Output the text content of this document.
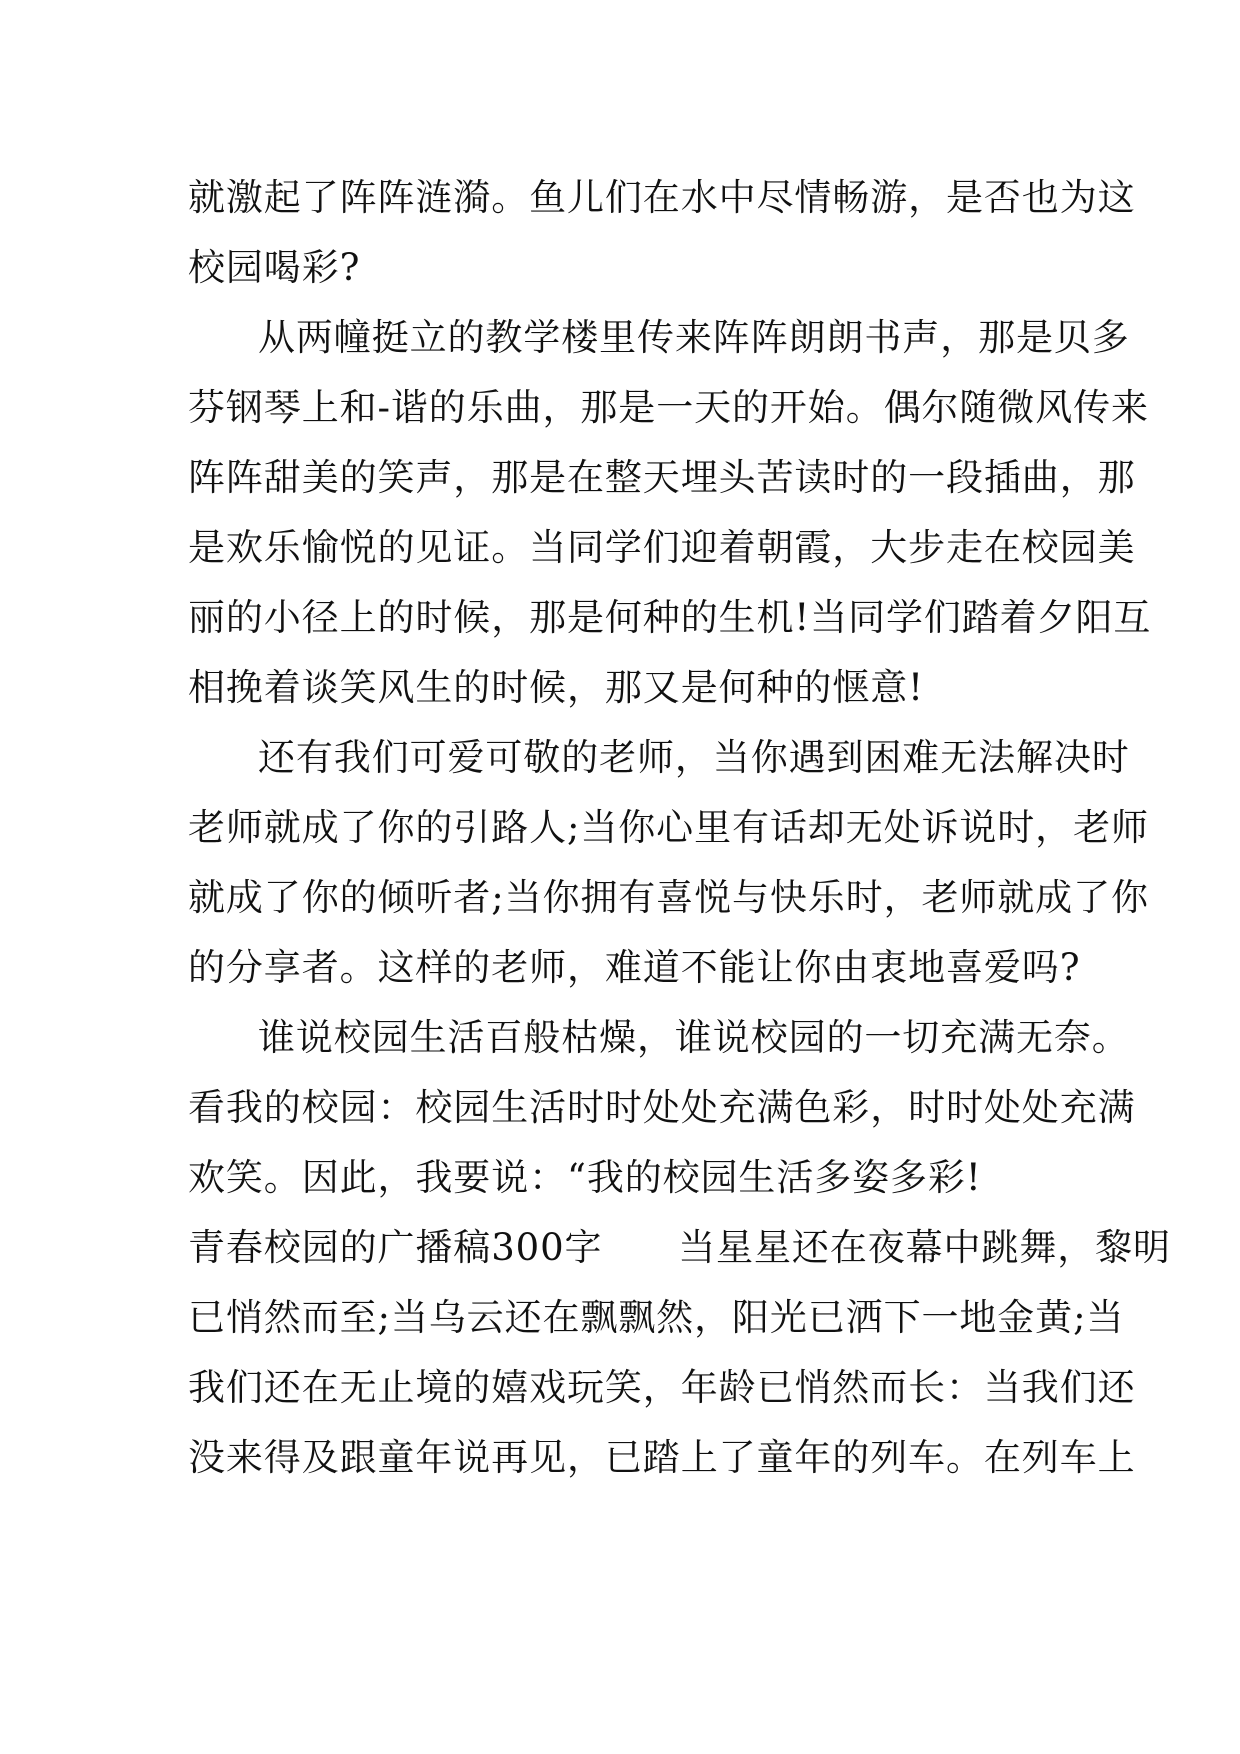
就激起了阵阵涟漪。鱼儿们在水中尽情畅游，是否也为这
校园喝彩?
从两幢挺立的教学楼里传来阵阵朗朗书声，那是贝多
芬钢琴上和-谐的乐曲，那是一天的开始。偶尔随微风传来
阵阵甜美的笑声，那是在整天埋头苦读时的一段插曲，那
是欢乐愉悦的见证。当同学们迎着朝霞，大步走在校园美
丽的小径上的时候，那是何种的生机!当同学们踏着夕阳互
相挽着谈笑风生的时候，那又是何种的惬意!
还有我们可爱可敬的老师，当你遇到困难无法解决时
老师就成了你的引路人;当你心里有话却无处诉说时，老师
就成了你的倾听者;当你拥有喜悦与快乐时，老师就成了你
的分享者。这样的老师，难道不能让你由衷地喜爱吗?
谁说校园生活百般枯燥，谁说校园的一切充满无奈。
看我的校园：校园生活时时处处充满色彩，时时处处充满
欢笑。因此，我要说：“我的校园生活多姿多彩!
青春校园的广播稿300字　　当星星还在夜幕中跳舞，黎明
已悄然而至;当乌云还在飘飘然，阳光已洒下一地金黄;当
我们还在无止境的嬉戏玩笑，年龄已悄然而长：当我们还
没来得及跟童年说再见，已踏上了童年的列车。在列车上
